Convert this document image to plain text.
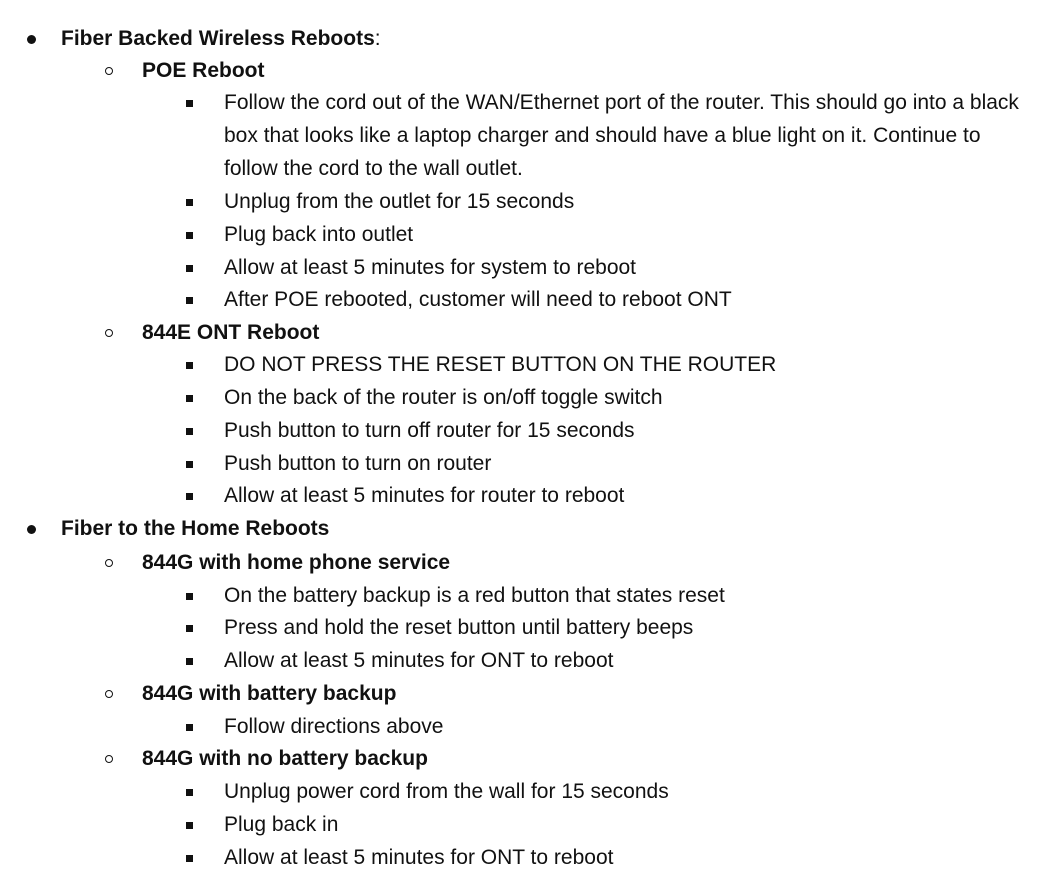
Fiber Backed Wireless Reboots:
POE Reboot
Follow the cord out of the WAN/Ethernet port of the router. This should go into a black box that looks like a laptop charger and should have a blue light on it. Continue to follow the cord to the wall outlet.
Unplug from the outlet for 15 seconds
Plug back into outlet
Allow at least 5 minutes for system to reboot
After POE rebooted, customer will need to reboot ONT
844E ONT Reboot
DO NOT PRESS THE RESET BUTTON ON THE ROUTER
On the back of the router is on/off toggle switch
Push button to turn off router for 15 seconds
Push button to turn on router
Allow at least 5 minutes for router to reboot
Fiber to the Home Reboots
844G with home phone service
On the battery backup is a red button that states reset
Press and hold the reset button until battery beeps
Allow at least 5 minutes for ONT to reboot
844G with battery backup
Follow directions above
844G with no battery backup
Unplug power cord from the wall for 15 seconds
Plug back in
Allow at least 5 minutes for ONT to reboot
